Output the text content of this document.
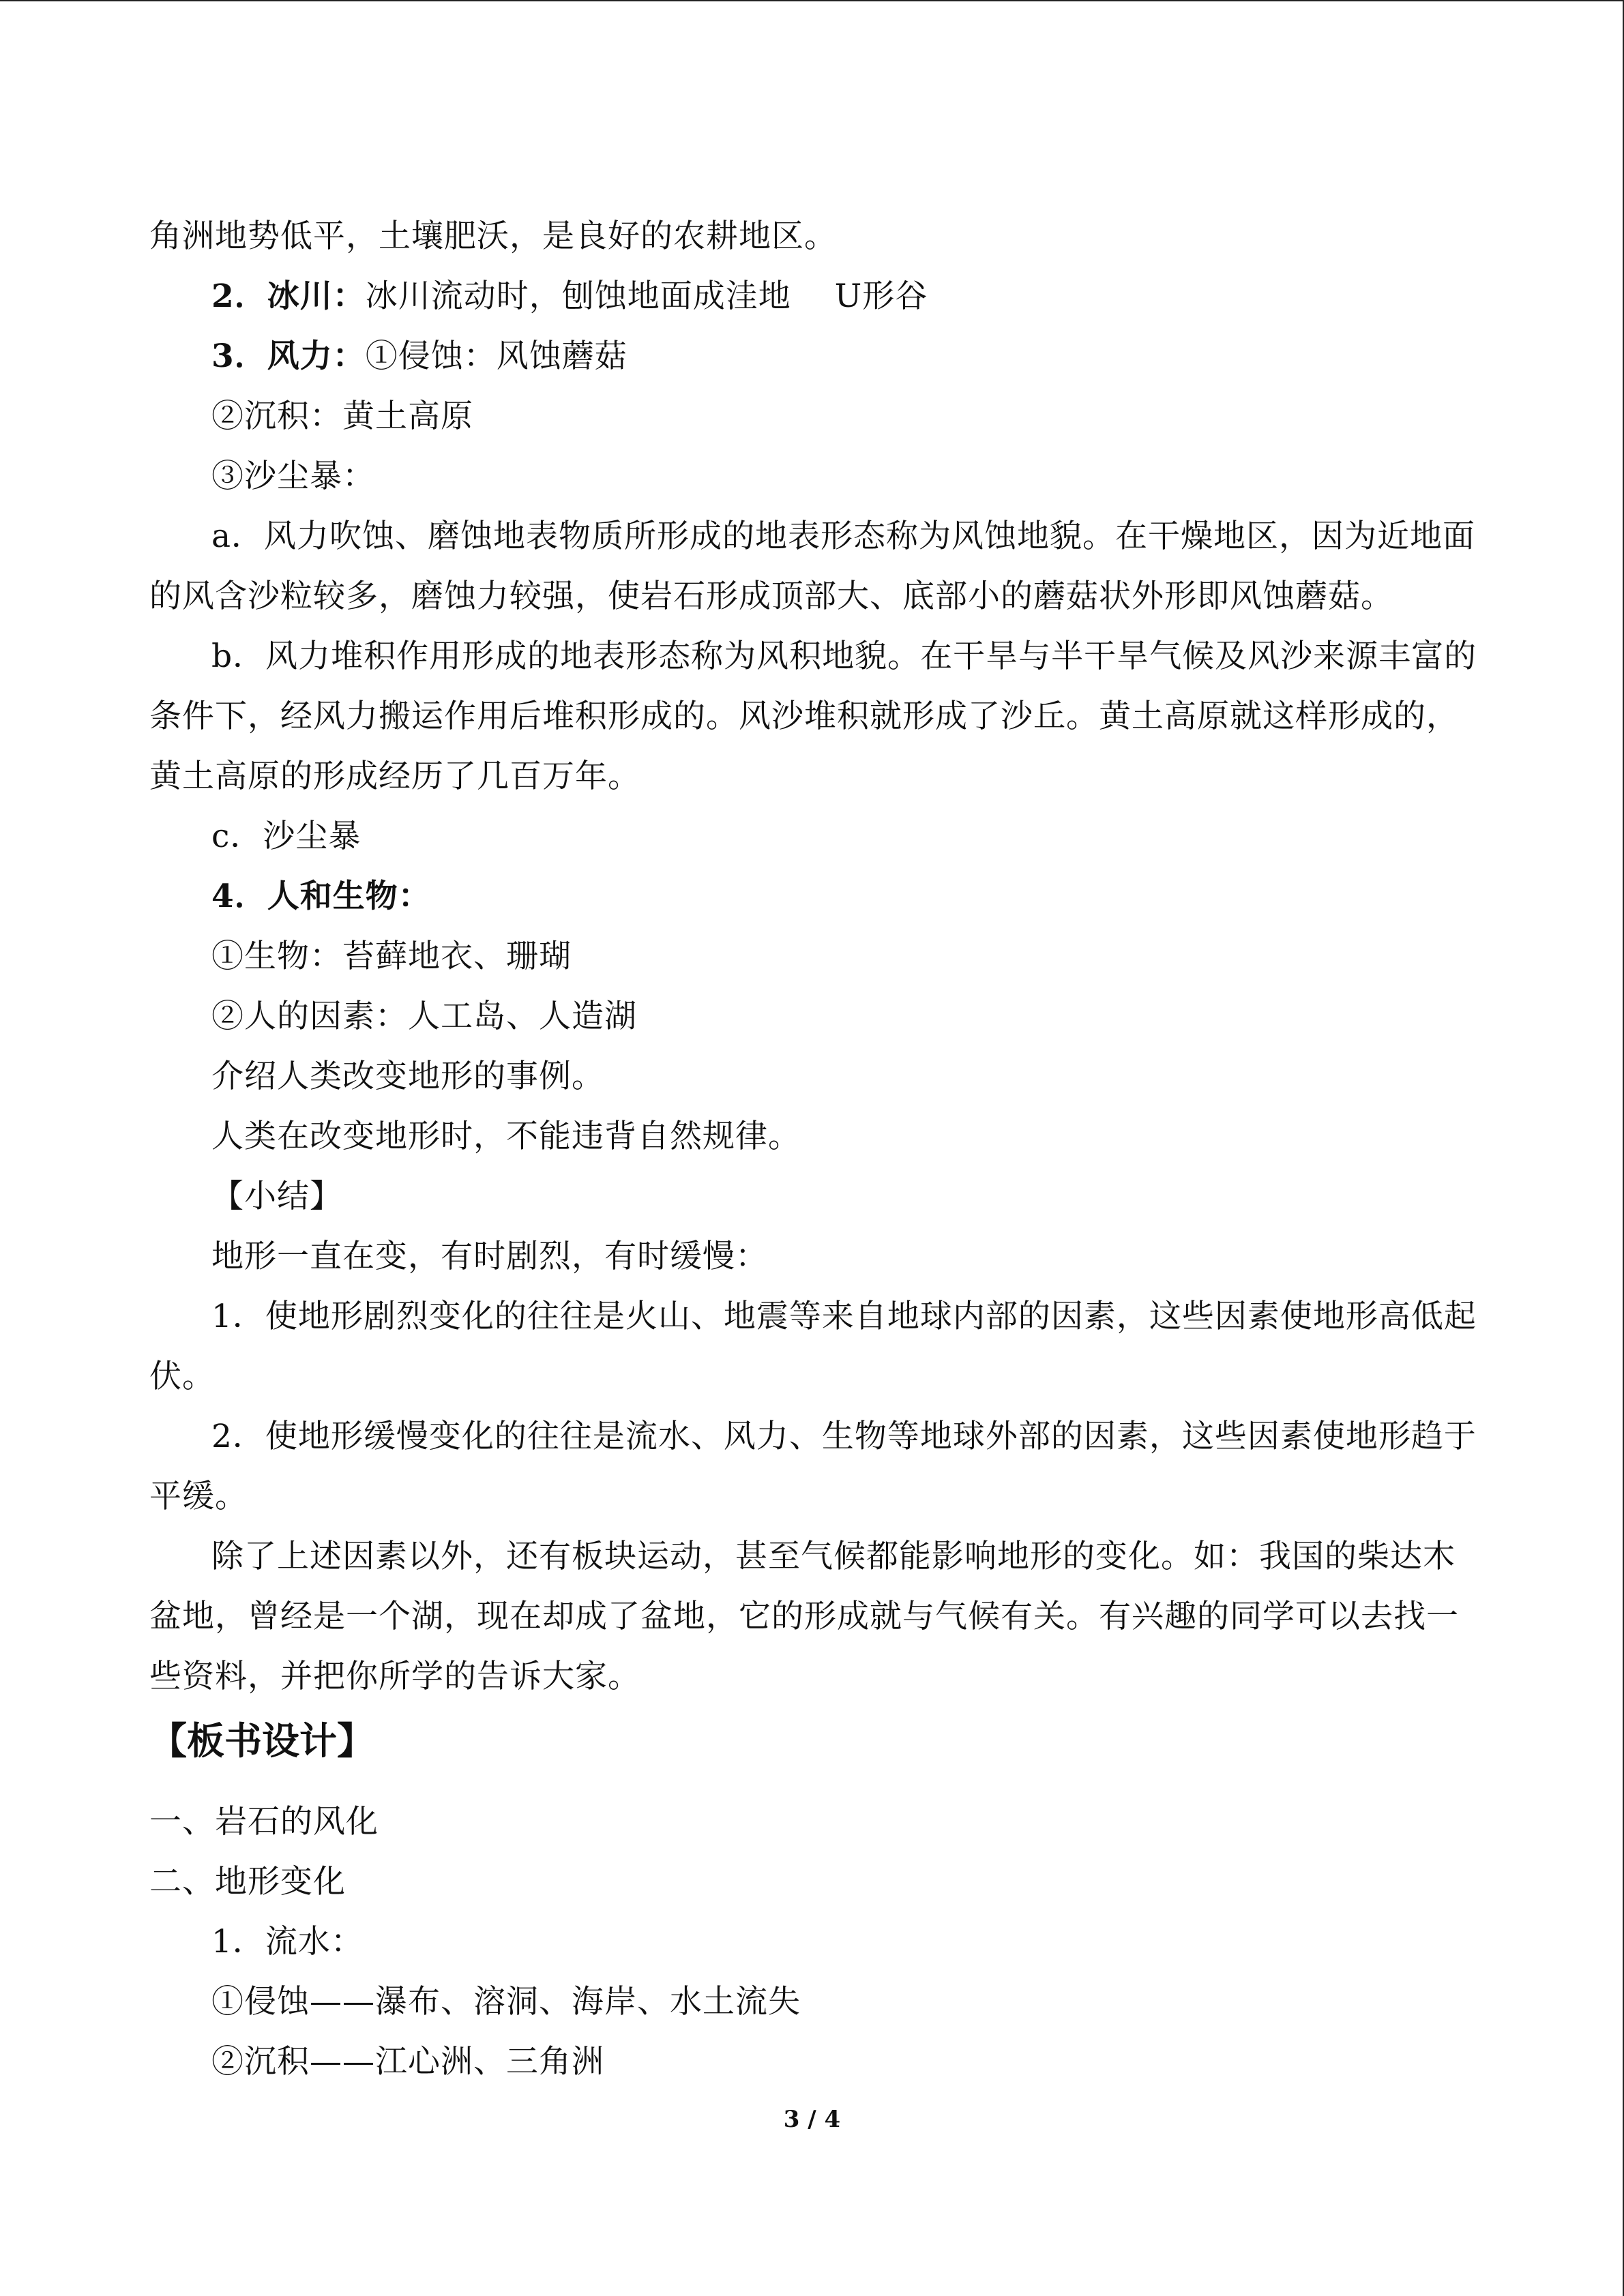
角洲地势低平，土壤肥沃，是良好的农耕地区。
2．冰川：冰川流动时，刨蚀地面成洼地　 U形谷
3．风力：①侵蚀：风蚀蘑菇
②沉积：黄土高原
③沙尘暴：
a．风力吹蚀、磨蚀地表物质所形成的地表形态称为风蚀地貌。在干燥地区，因为近地面
的风含沙粒较多，磨蚀力较强，使岩石形成顶部大、底部小的蘑菇状外形即风蚀蘑菇。
b．风力堆积作用形成的地表形态称为风积地貌。在干旱与半干旱气候及风沙来源丰富的
条件下，经风力搬运作用后堆积形成的。风沙堆积就形成了沙丘。黄土高原就这样形成的，
黄土高原的形成经历了几百万年。
c．沙尘暴
4．人和生物：
①生物：苔藓地衣、珊瑚
②人的因素：人工岛、人造湖
介绍人类改变地形的事例。
人类在改变地形时，不能违背自然规律。
【小结】
地形一直在变，有时剧烈，有时缓慢：
1．使地形剧烈变化的往往是火山、地震等来自地球内部的因素，这些因素使地形高低起
伏。
2．使地形缓慢变化的往往是流水、风力、生物等地球外部的因素，这些因素使地形趋于
平缓。
除了上述因素以外，还有板块运动，甚至气候都能影响地形的变化。如：我国的柴达木
盆地，曾经是一个湖，现在却成了盆地，它的形成就与气候有关。有兴趣的同学可以去找一
些资料，并把你所学的告诉大家。
【板书设计】
一、岩石的风化
二、地形变化
1．流水：
①侵蚀——瀑布、溶洞、海岸、水土流失
②沉积——江心洲、三角洲
3 / 4
